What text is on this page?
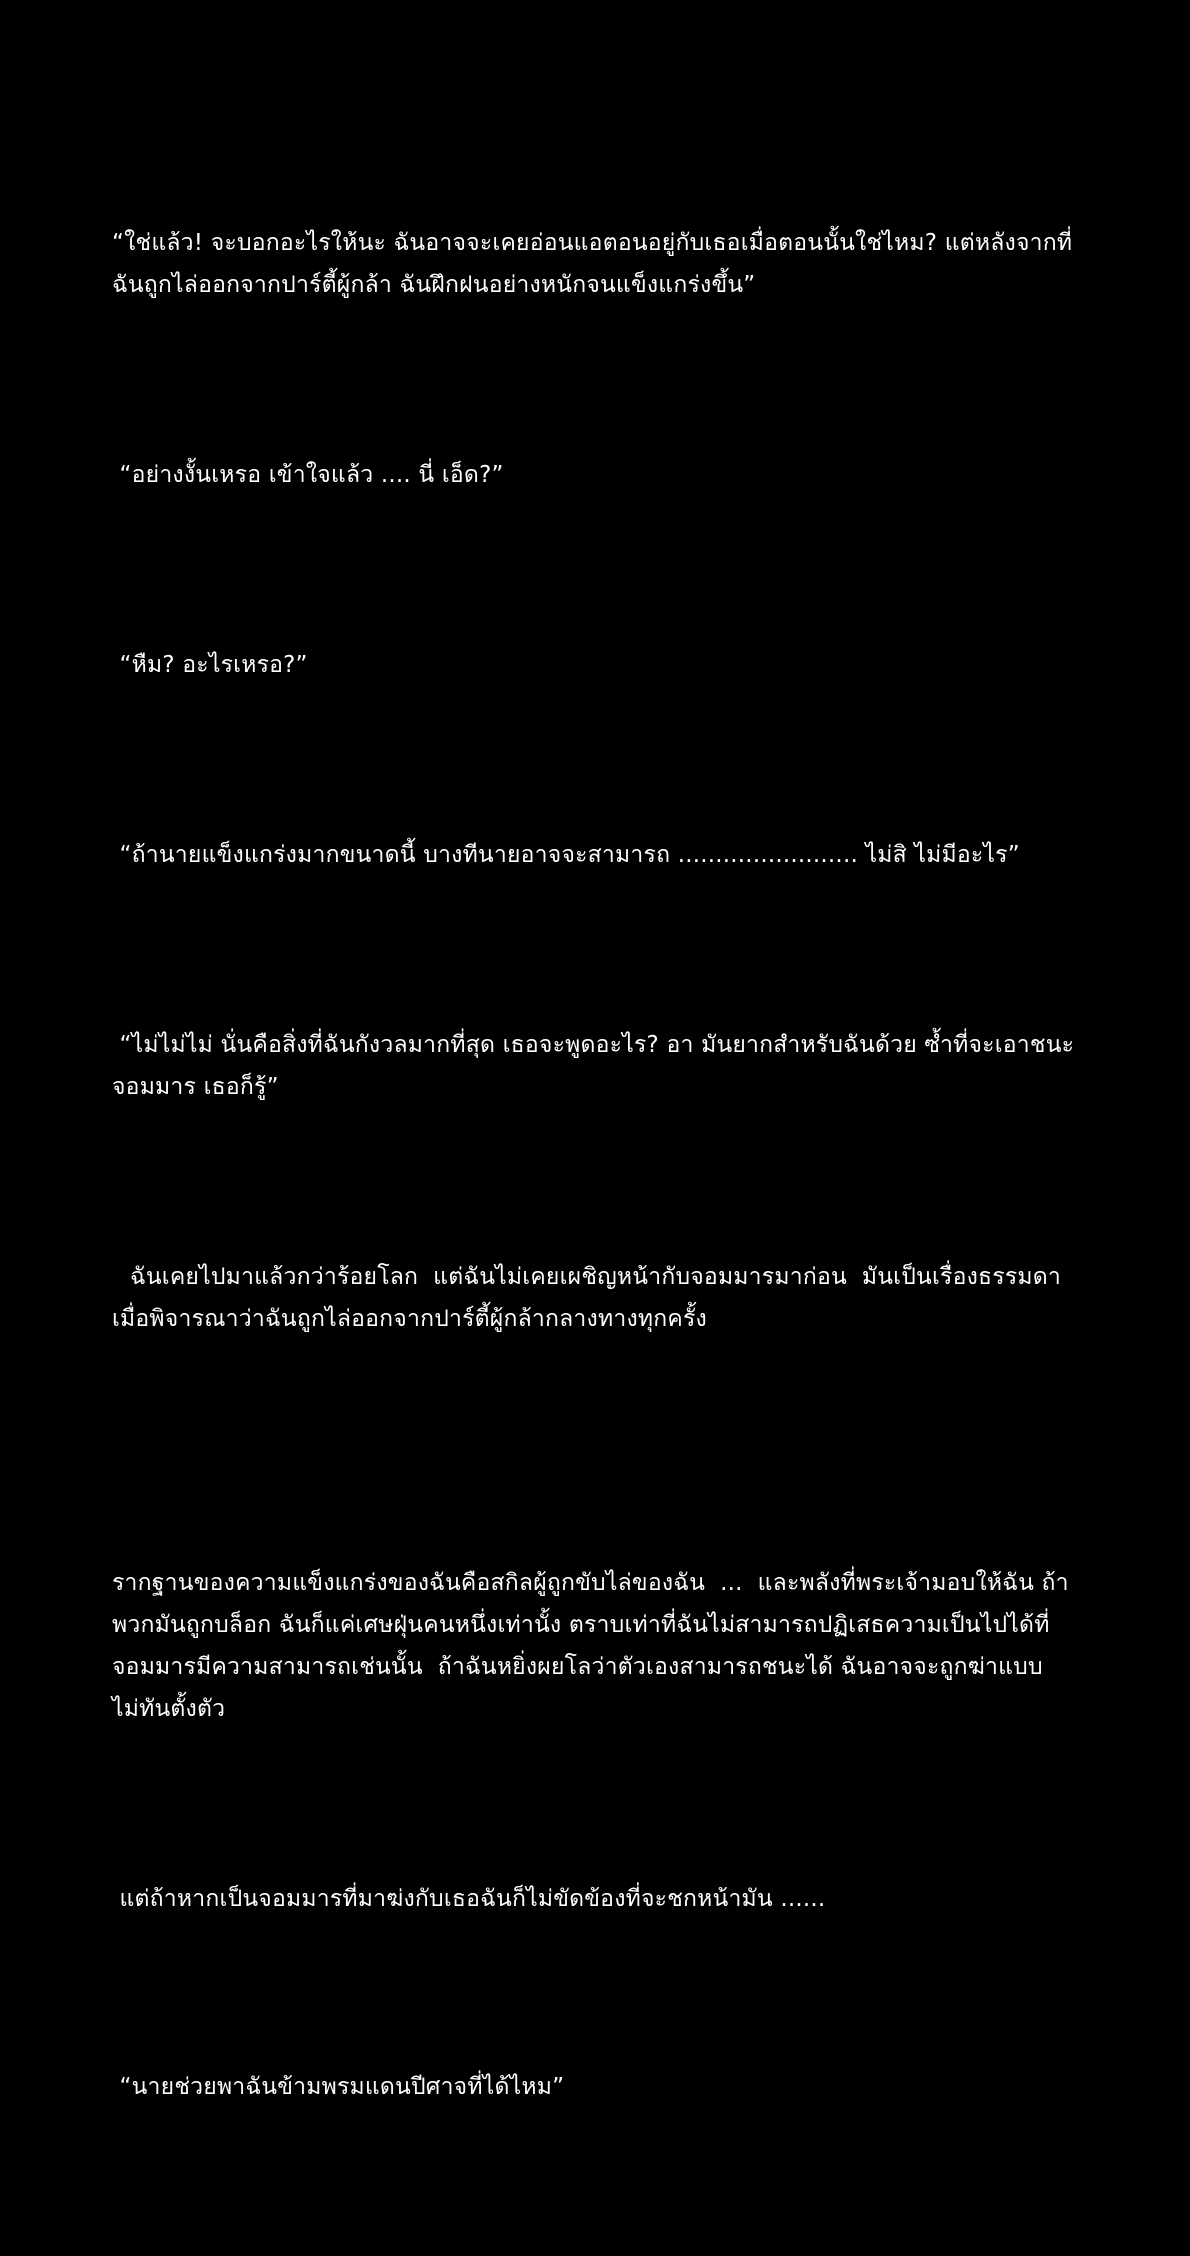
“ใช่แล้ว! จะบอกอะไรให้นะ ฉันอาจจะเคยอ่อนแอตอนอยู่กับเธอเมื่อตอนนั้นใช่ไหม? แต่หลังจากที่ฉันถูกไล่ออกจากปาร์ตี้ผู้กล้า ฉันฝึกฝนอย่างหนักจนแข็งแกร่งขึ้น”

“อย่างงั้นเหรอ เข้าใจแล้ว .... นี่ เอ็ด?”

“หืม? อะไรเหรอ?”

“ถ้านายแข็งแกร่งมากขนาดนี้ บางทีนายอาจจะสามารถ ........................ ไม่สิ ไม่มีอะไร”

“ไม่ไม่ไม่ นั่นคือสิ่งที่ฉันกังวลมากที่สุด เธอจะพูดอะไร? อา มันยากสำหรับฉันด้วย ซ้ำที่จะเอาชนะจอมมาร เธอก็รู้”

ฉันเคยไปมาแล้วกว่าร้อยโลก  แต่ฉันไม่เคยเผชิญหน้ากับจอมมารมาก่อน  มันเป็นเรื่องธรรมดาเมื่อพิจารณาว่าฉันถูกไล่ออกจากปาร์ตี้ผู้กล้ากลางทางทุกครั้ง

รากฐานของความแข็งแกร่งของฉันคือสกิลผู้ถูกขับไล่ของฉัน  ...  และพลังที่พระเจ้ามอบให้ฉัน ถ้าพวกมันถูกบล็อก ฉันก็แค่เศษฝุ่นคนหนึ่งเท่านั้ง ตราบเท่าที่ฉันไม่สามารถปฏิเสธความเป็นไปได้ที่จอมมารมีความสามารถเช่นนั้น  ถ้าฉันหยิ่งผยโลว่าตัวเองสามารถชนะได้ ฉันอาจจะถูกฆ่าแบบไม่ทันตั้งตัว

แต่ถ้าหากเป็นจอมมารที่มาฆ่งกับเธอฉันก็ไม่ขัดข้องที่จะชกหน้ามัน ......

“นายช่วยพาฉันข้ามพรมแดนปีศาจที่ได้ไหม”
